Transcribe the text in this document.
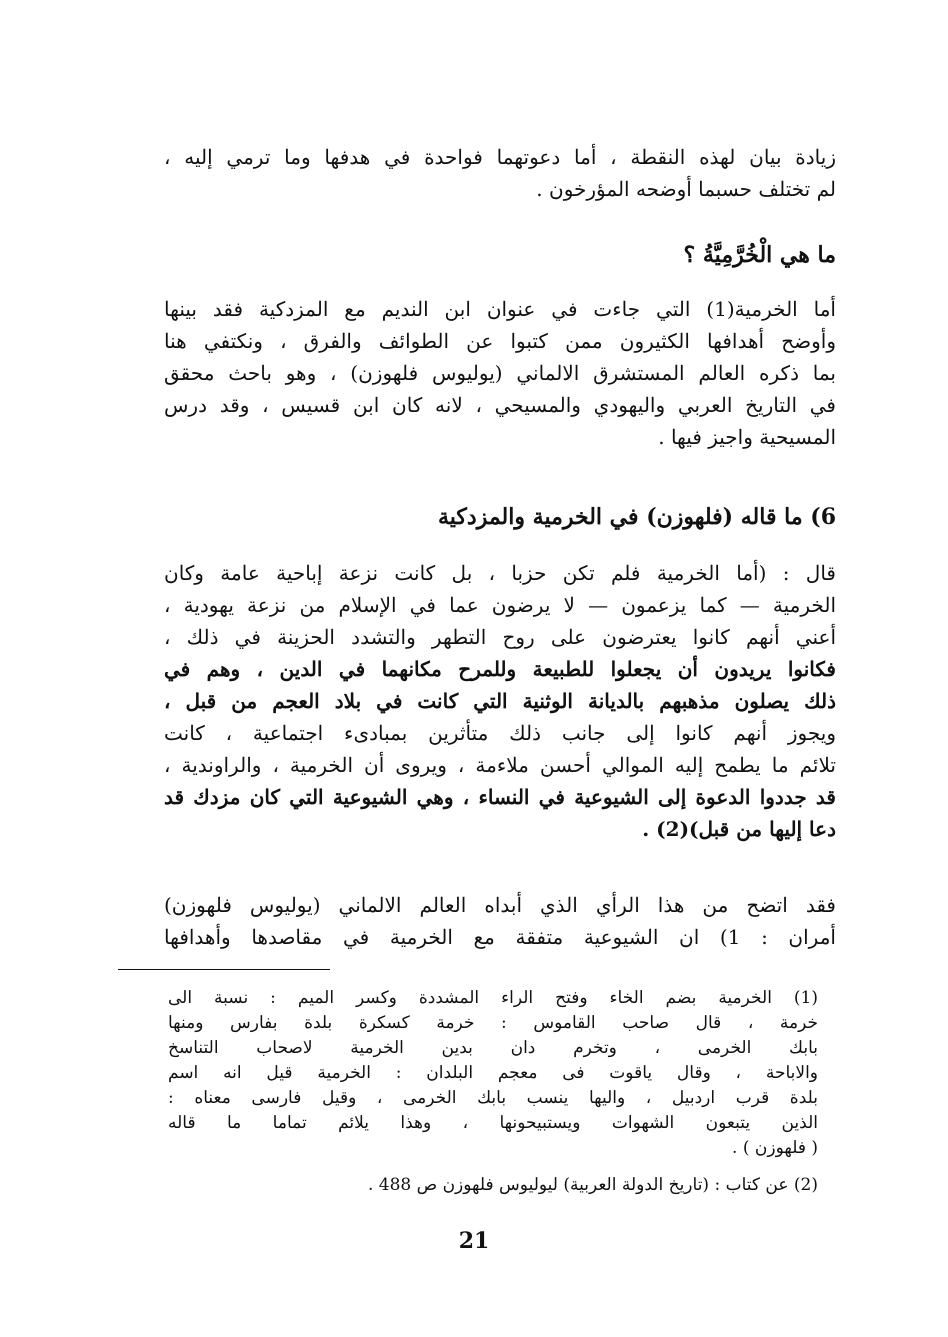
زيادة بيان لهذه النقطة ، أما دعوتهما فواحدة في هدفها وما ترمي إليه ،
لم تختلف حسبما أوضحه المؤرخون .
ما هي الْخُرَّمِيَّةُ ؟
أما الخرمية(1) التي جاءت في عنوان ابن النديم مع المزدكية فقد بينها
وأوضح أهدافها الكثيرون ممن كتبوا عن الطوائف والفرق ، ونكتفي هنا
بما ذكره العالم المستشرق الالماني (يوليوس فلهوزن) ، وهو باحث محقق
في التاريخ العربي واليهودي والمسيحي ، لانه كان ابن قسيس ، وقد درس
المسيحية واجيز فيها .
6) ما قاله (فلهوزن) في الخرمية والمزدكية
قال : (أما الخرمية فلم تكن حزبا ، بل كانت نزعة إباحية عامة وكان
الخرمية — كما يزعمون — لا يرضون عما في الإسلام من نزعة يهودية ،
أعني أنهم كانوا يعترضون على روح التطهر والتشدد الحزينة في ذلك ،
فكانوا يريدون أن يجعلوا للطبيعة وللمرح مكانهما في الدين ، وهم في
ذلك يصلون مذهبهم بالديانة الوثنية التي كانت في بلاد العجم من قبل ،
ويجوز أنهم كانوا إلى جانب ذلك متأثرين بمبادىء اجتماعية ، كانت
تلائم ما يطمح إليه الموالي أحسن ملاءمة ، ويروى أن الخرمية ، والراوندية ،
قد جددوا الدعوة إلى الشيوعية في النساء ، وهي الشيوعية التي كان مزدك قد
دعا إليها من قبل)(2) .
فقد اتضح من هذا الرأي الذي أبداه العالم الالماني (يوليوس فلهوزن)
أمران : 1) ان الشيوعية متفقة مع الخرمية في مقاصدها وأهدافها
(1) الخرمية بضم الخاء وفتح الراء المشددة وكسر الميم : نسبة الى
خرمة ، قال صاحب القاموس : خرمة كسكرة بلدة بفارس ومنها
بابك الخرمى ، وتخرم دان بدين الخرمية لاصحاب التناسخ
والاباحة ، وقال ياقوت فى معجم البلدان : الخرمية قيل انه اسم
بلدة قرب اردبيل ، واليها ينسب بابك الخرمى ، وقيل فارسى معناه :
الذين يتبعون الشهوات ويستبيحونها ، وهذا يلائم تماما ما قاله
( فلهوزن ) .
(2) عن كتاب : (تاريخ الدولة العربية) ليوليوس فلهوزن ص 488 .
21
